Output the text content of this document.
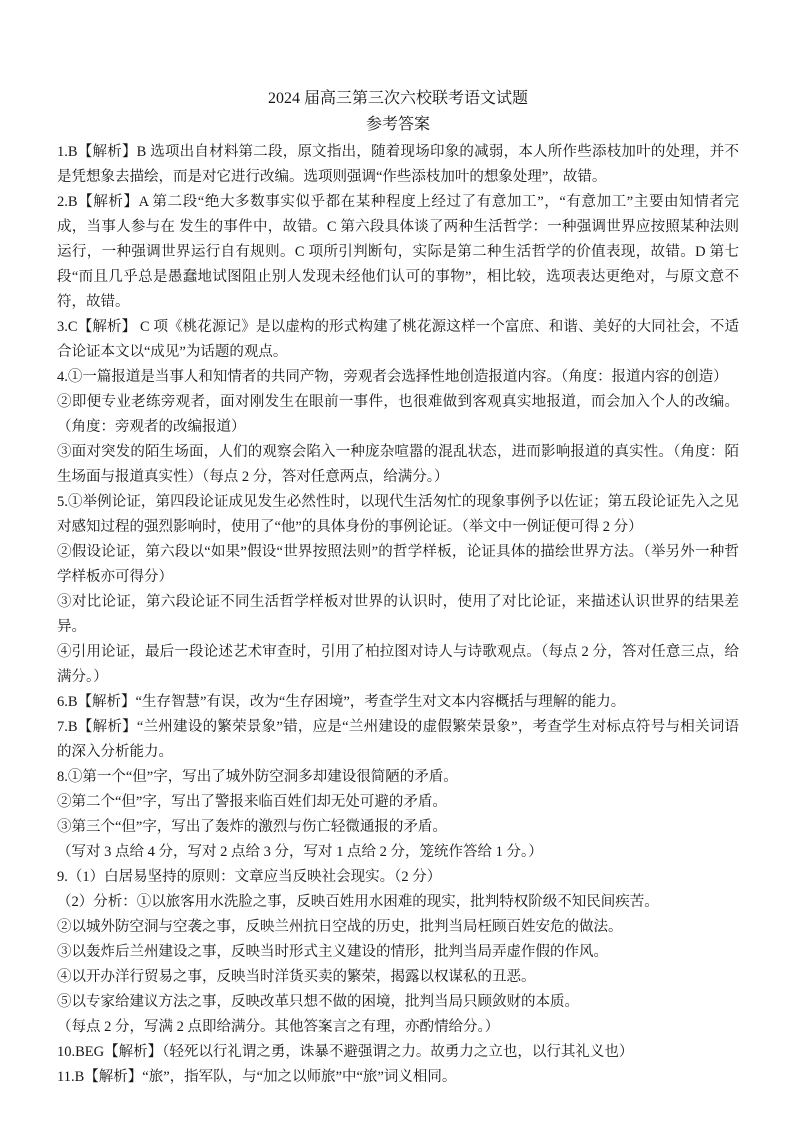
2024 届高三第三次六校联考语文试题
参考答案

1.B【解析】B 选项出自材料第二段，原文指出，随着现场印象的减弱，本人所作些添枝加叶的处理，并不是凭想象去描绘，而是对它进行改编。选项则强调“作些添枝加叶的想象处理”，故错。

2.B【解析】A 第二段“绝大多数事实似乎都在某种程度上经过了有意加工”，“有意加工”主要由知情者完成，当事人参与在 发生的事件中，故错。C 第六段具体谈了两种生活哲学：一种强调世界应按照某种法则运行，一种强调世界运行自有规则。C 项所引判断句，实际是第二种生活哲学的价值表现，故错。D 第七段“而且几乎总是愚蠢地试图阻止别人发现未经他们认可的事物”，相比较，选项表达更绝对，与原文意不符，故错。

3.C【解析】 C 项《桃花源记》是以虚构的形式构建了桃花源这样一个富庶、和谐、美好的大同社会，不适合论证本文以“成见”为话题的观点。

4.①一篇报道是当事人和知情者的共同产物，旁观者会选择性地创造报道内容。（角度：报道内容的创造）

②即便专业老练旁观者，面对刚发生在眼前一事件，也很难做到客观真实地报道，而会加入个人的改编。（角度：旁观者的改编报道）

③面对突发的陌生场面，人们的观察会陷入一种庞杂喧嚣的混乱状态，进而影响报道的真实性。（角度：陌生场面与报道真实性）（每点 2 分，答对任意两点，给满分。）

5.①举例论证，第四段论证成见发生必然性时，以现代生活匆忙的现象事例予以佐证；第五段论证先入之见对感知过程的强烈影响时，使用了“他”的具体身份的事例论证。（举文中一例证便可得 2 分）

②假设论证，第六段以“如果”假设“世界按照法则”的哲学样板，论证具体的描绘世界方法。（举另外一种哲学样板亦可得分）

③对比论证，第六段论证不同生活哲学样板对世界的认识时，使用了对比论证，来描述认识世界的结果差异。

④引用论证，最后一段论述艺术审查时，引用了柏拉图对诗人与诗歌观点。（每点 2 分，答对任意三点，给满分。）

6.B【解析】“生存智慧”有误，改为“生存困境”，考查学生对文本内容概括与理解的能力。

7.B【解析】“兰州建设的繁荣景象”错，应是“兰州建设的虚假繁荣景象”，考查学生对标点符号与相关词语的深入分析能力。

8.①第一个“但”字，写出了城外防空洞多却建设很简陋的矛盾。

②第二个“但”字，写出了警报来临百姓们却无处可避的矛盾。

③第三个“但”字，写出了轰炸的激烈与伤亡轻微通报的矛盾。

（写对 3 点给 4 分，写对 2 点给 3 分，写对 1 点给 2 分，笼统作答给 1 分。）

9.（1）白居易坚持的原则：文章应当反映社会现实。（2 分）

（2）分析：①以旅客用水洗脸之事，反映百姓用水困难的现实，批判特权阶级不知民间疾苦。

②以城外防空洞与空袭之事，反映兰州抗日空战的历史，批判当局枉顾百姓安危的做法。

③以轰炸后兰州建设之事，反映当时形式主义建设的情形，批判当局弄虚作假的作风。

④以开办洋行贸易之事，反映当时洋货买卖的繁荣，揭露以权谋私的丑恶。

⑤以专家给建议方法之事，反映改革只想不做的困境，批判当局只顾敛财的本质。

（每点 2 分，写满 2 点即给满分。其他答案言之有理，亦酌情给分。）

10.BEG【解析】（轻死以行礼谓之勇，诛暴不避强谓之力。故勇力之立也，以行其礼义也）

11.B【解析】“旅”，指军队，与“加之以师旅”中“旅”词义相同。
